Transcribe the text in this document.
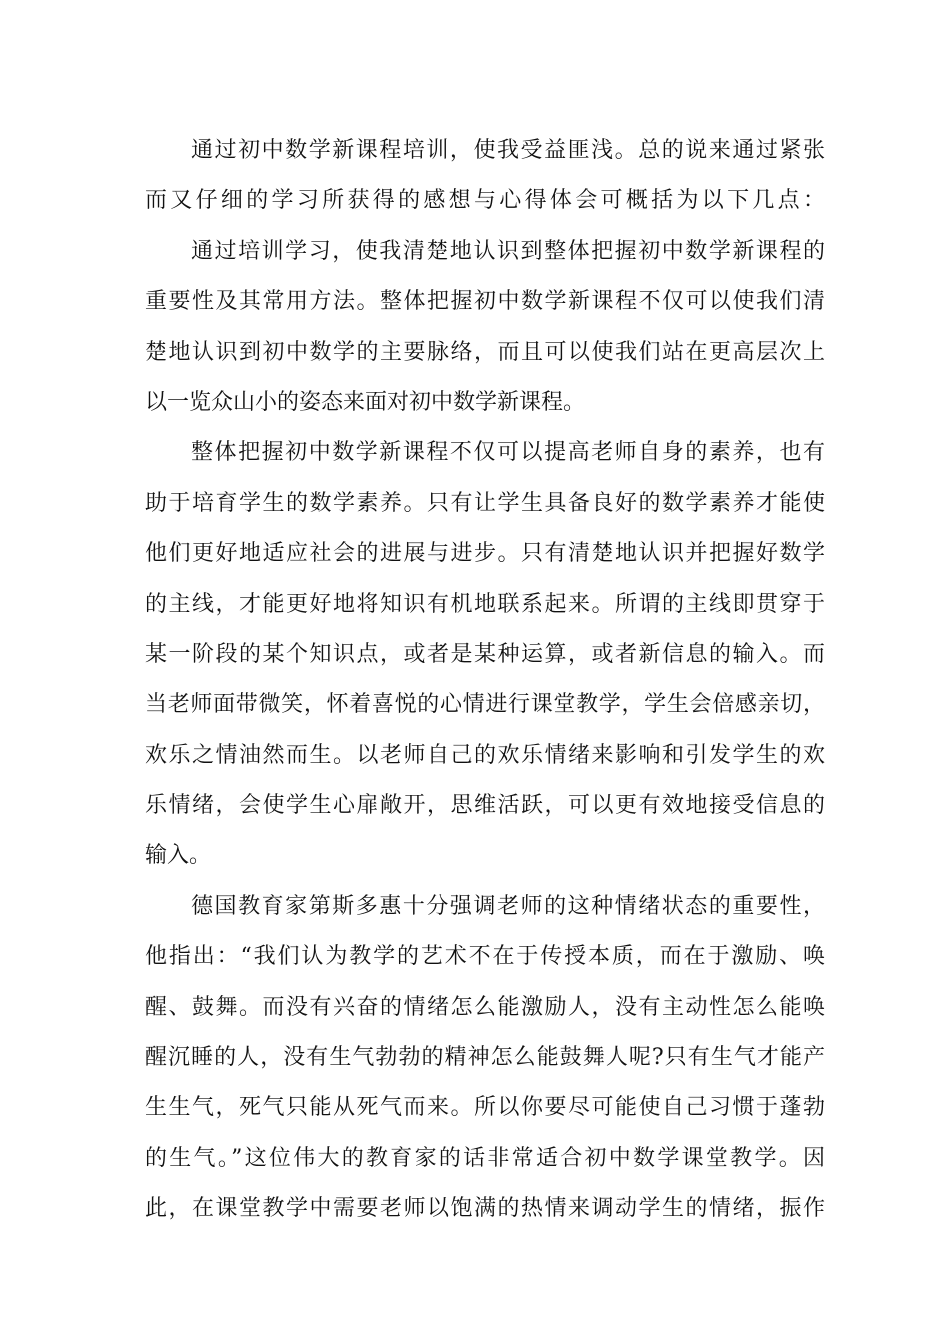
通过初中数学新课程培训，使我受益匪浅。总的说来通过紧张
而又仔细的学习所获得的感想与心得体会可概括为以下几点：
通过培训学习，使我清楚地认识到整体把握初中数学新课程的
重要性及其常用方法。整体把握初中数学新课程不仅可以使我们清
楚地认识到初中数学的主要脉络，而且可以使我们站在更高层次上
以一览众山小的姿态来面对初中数学新课程。
整体把握初中数学新课程不仅可以提高老师自身的素养，也有
助于培育学生的数学素养。只有让学生具备良好的数学素养才能使
他们更好地适应社会的进展与进步。只有清楚地认识并把握好数学
的主线，才能更好地将知识有机地联系起来。所谓的主线即贯穿于
某一阶段的某个知识点，或者是某种运算，或者新信息的输入。而
当老师面带微笑，怀着喜悦的心情进行课堂教学，学生会倍感亲切，
欢乐之情油然而生。以老师自己的欢乐情绪来影响和引发学生的欢
乐情绪，会使学生心扉敞开，思维活跃，可以更有效地接受信息的
输入。
德国教育家第斯多惠十分强调老师的这种情绪状态的重要性，
他指出：“我们认为教学的艺术不在于传授本质，而在于激励、唤
醒、鼓舞。而没有兴奋的情绪怎么能激励人，没有主动性怎么能唤
醒沉睡的人，没有生气勃勃的精神怎么能鼓舞人呢?只有生气才能产
生生气，死气只能从死气而来。所以你要尽可能使自己习惯于蓬勃
的生气。”这位伟大的教育家的话非常适合初中数学课堂教学。因
此，在课堂教学中需要老师以饱满的热情来调动学生的情绪，振作
